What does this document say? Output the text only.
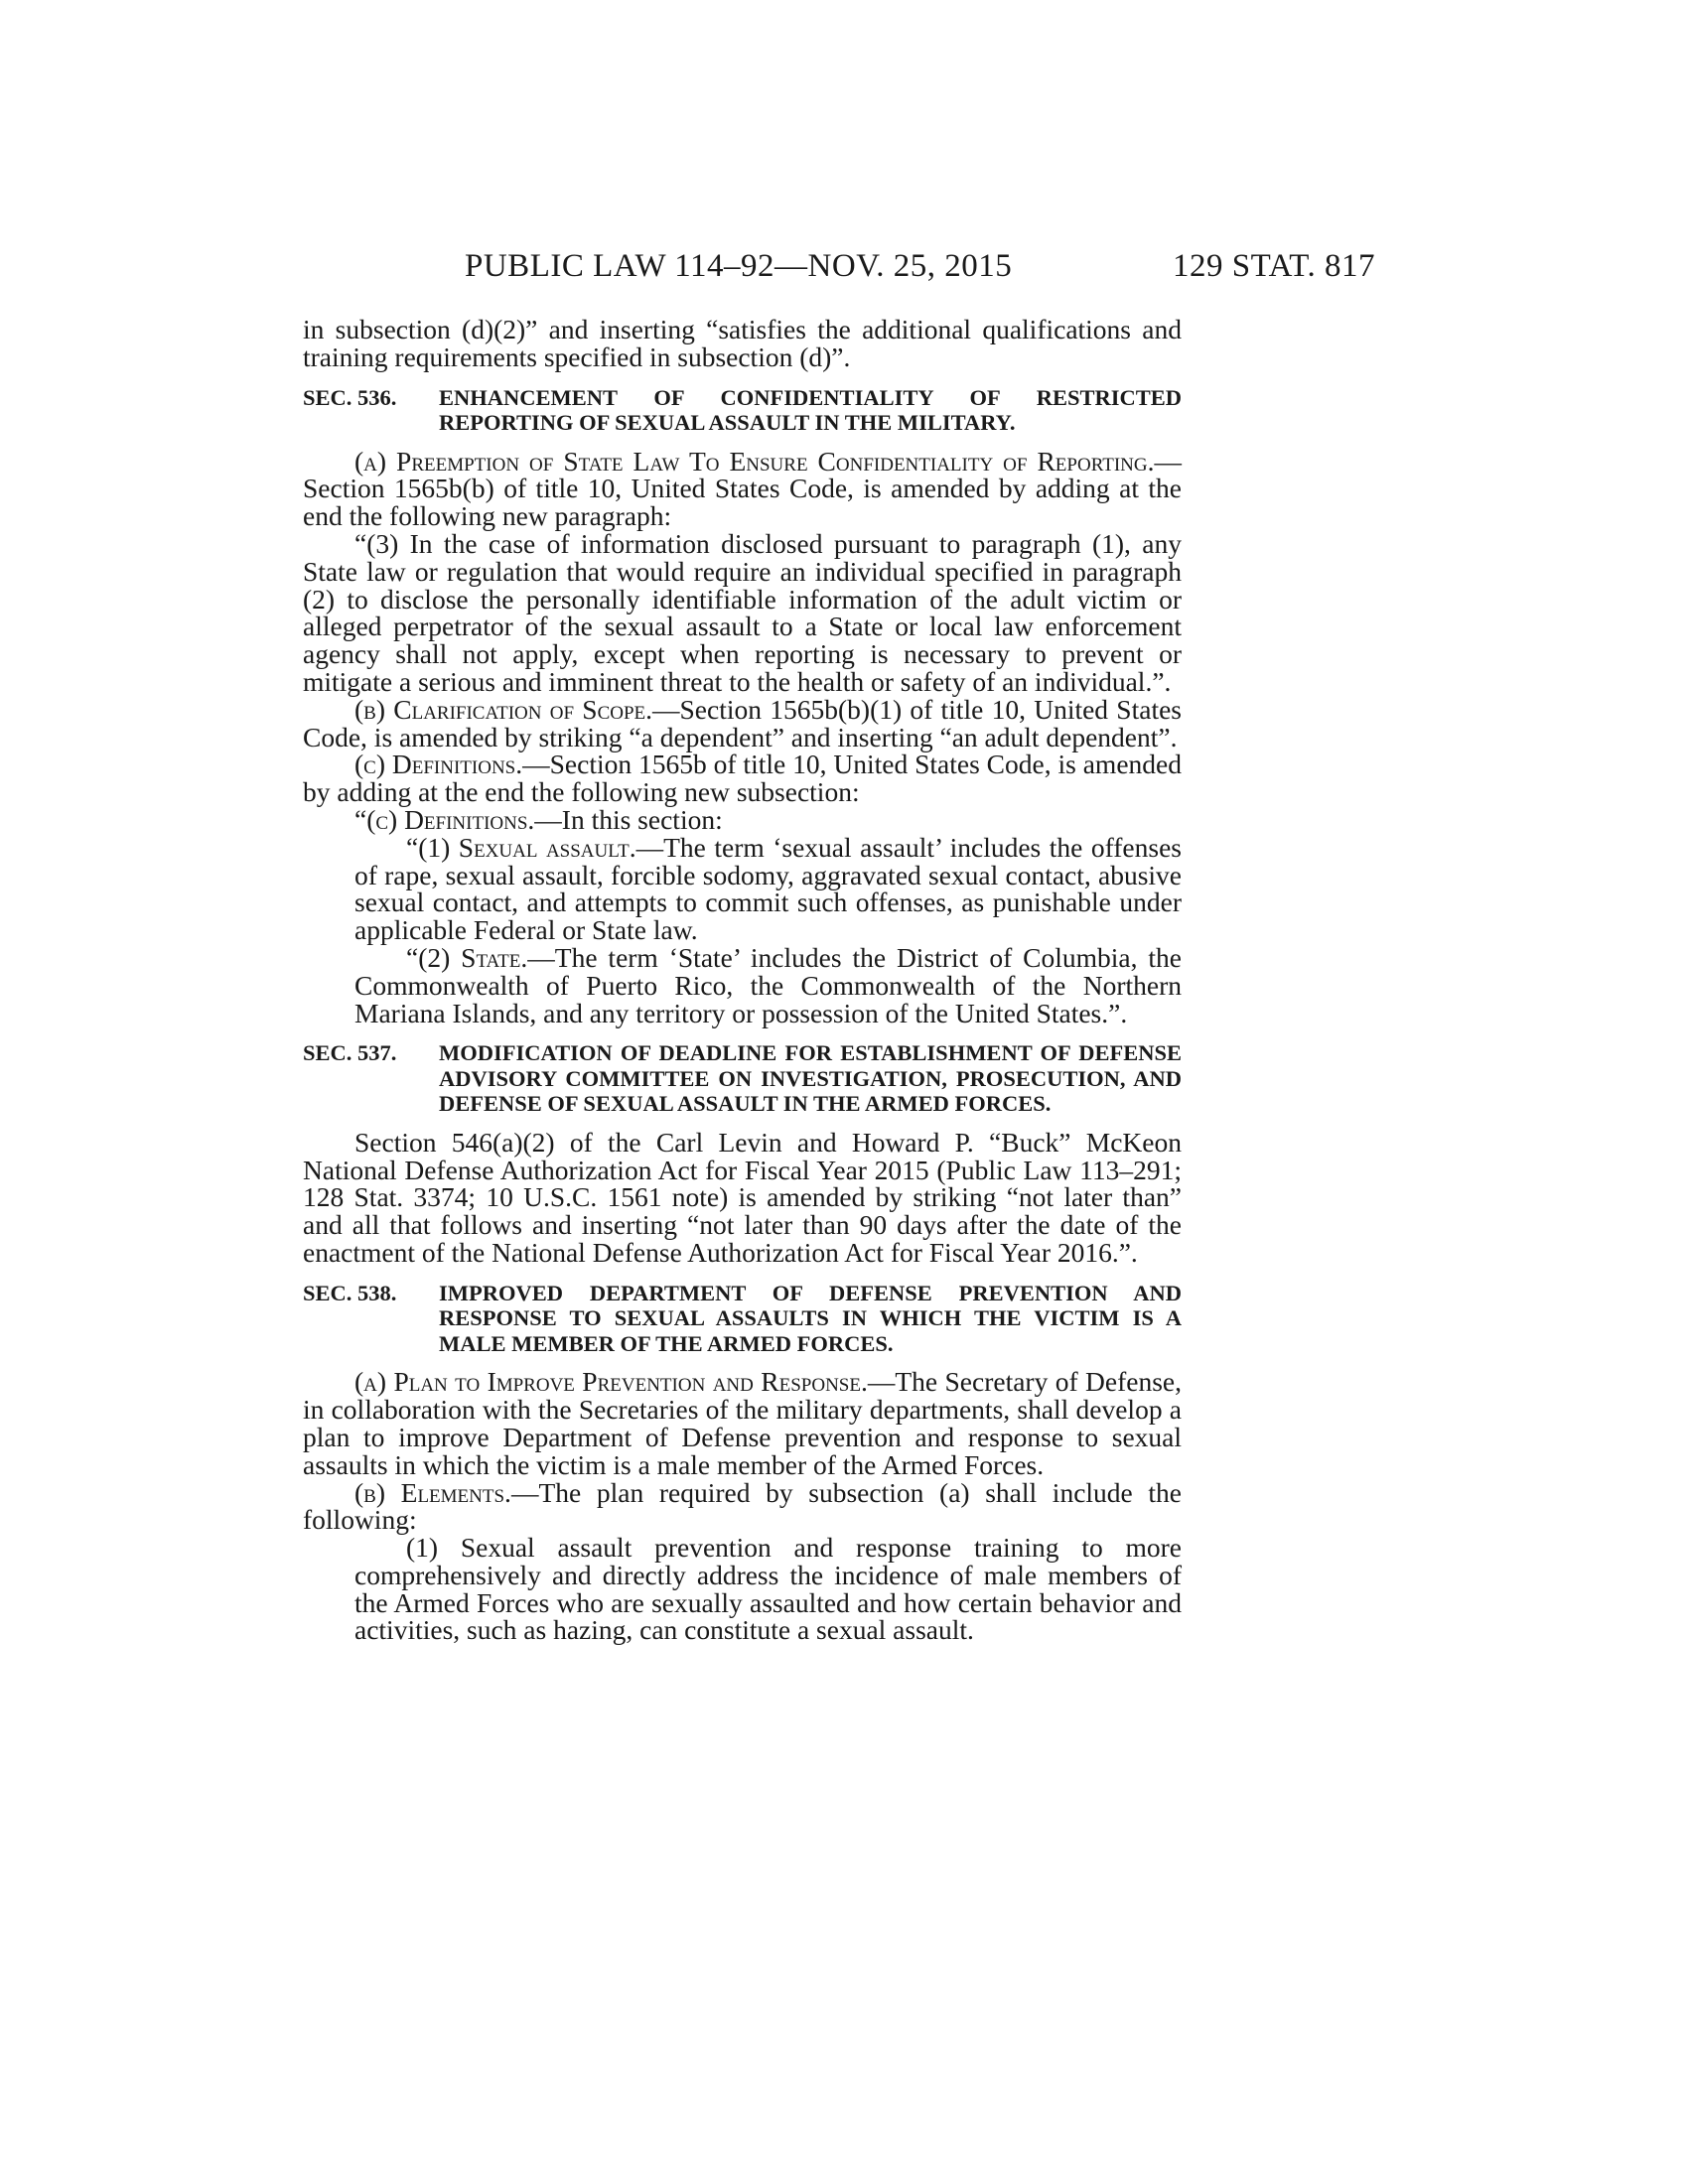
PUBLIC LAW 114–92—NOV. 25, 2015	129 STAT. 817

in subsection (d)(2)” and inserting “satisfies the additional qualifications and training requirements specified in subsection (d)”.

SEC. 536. ENHANCEMENT OF CONFIDENTIALITY OF RESTRICTED REPORTING OF SEXUAL ASSAULT IN THE MILITARY.

(a) Preemption of State Law To Ensure Confidentiality of Reporting.—Section 1565b(b) of title 10, United States Code, is amended by adding at the end the following new paragraph:

“(3) In the case of information disclosed pursuant to paragraph (1), any State law or regulation that would require an individual specified in paragraph (2) to disclose the personally identifiable information of the adult victim or alleged perpetrator of the sexual assault to a State or local law enforcement agency shall not apply, except when reporting is necessary to prevent or mitigate a serious and imminent threat to the health or safety of an individual.”.

(b) Clarification of Scope.—Section 1565b(b)(1) of title 10, United States Code, is amended by striking “a dependent” and inserting “an adult dependent”.

(c) Definitions.—Section 1565b of title 10, United States Code, is amended by adding at the end the following new subsection:

“(c) Definitions.—In this section:

“(1) Sexual assault.—The term ‘sexual assault’ includes the offenses of rape, sexual assault, forcible sodomy, aggravated sexual contact, abusive sexual contact, and attempts to commit such offenses, as punishable under applicable Federal or State law.

“(2) State.—The term ‘State’ includes the District of Columbia, the Commonwealth of Puerto Rico, the Commonwealth of the Northern Mariana Islands, and any territory or possession of the United States.”.

SEC. 537. MODIFICATION OF DEADLINE FOR ESTABLISHMENT OF DEFENSE ADVISORY COMMITTEE ON INVESTIGATION, PROSECUTION, AND DEFENSE OF SEXUAL ASSAULT IN THE ARMED FORCES.

Section 546(a)(2) of the Carl Levin and Howard P. “Buck” McKeon National Defense Authorization Act for Fiscal Year 2015 (Public Law 113–291; 128 Stat. 3374; 10 U.S.C. 1561 note) is amended by striking “not later than” and all that follows and inserting “not later than 90 days after the date of the enactment of the National Defense Authorization Act for Fiscal Year 2016.”.

SEC. 538. IMPROVED DEPARTMENT OF DEFENSE PREVENTION AND RESPONSE TO SEXUAL ASSAULTS IN WHICH THE VICTIM IS A MALE MEMBER OF THE ARMED FORCES.

(a) Plan to Improve Prevention and Response.—The Secretary of Defense, in collaboration with the Secretaries of the military departments, shall develop a plan to improve Department of Defense prevention and response to sexual assaults in which the victim is a male member of the Armed Forces.

(b) Elements.—The plan required by subsection (a) shall include the following:

(1) Sexual assault prevention and response training to more comprehensively and directly address the incidence of male members of the Armed Forces who are sexually assaulted and how certain behavior and activities, such as hazing, can constitute a sexual assault.
